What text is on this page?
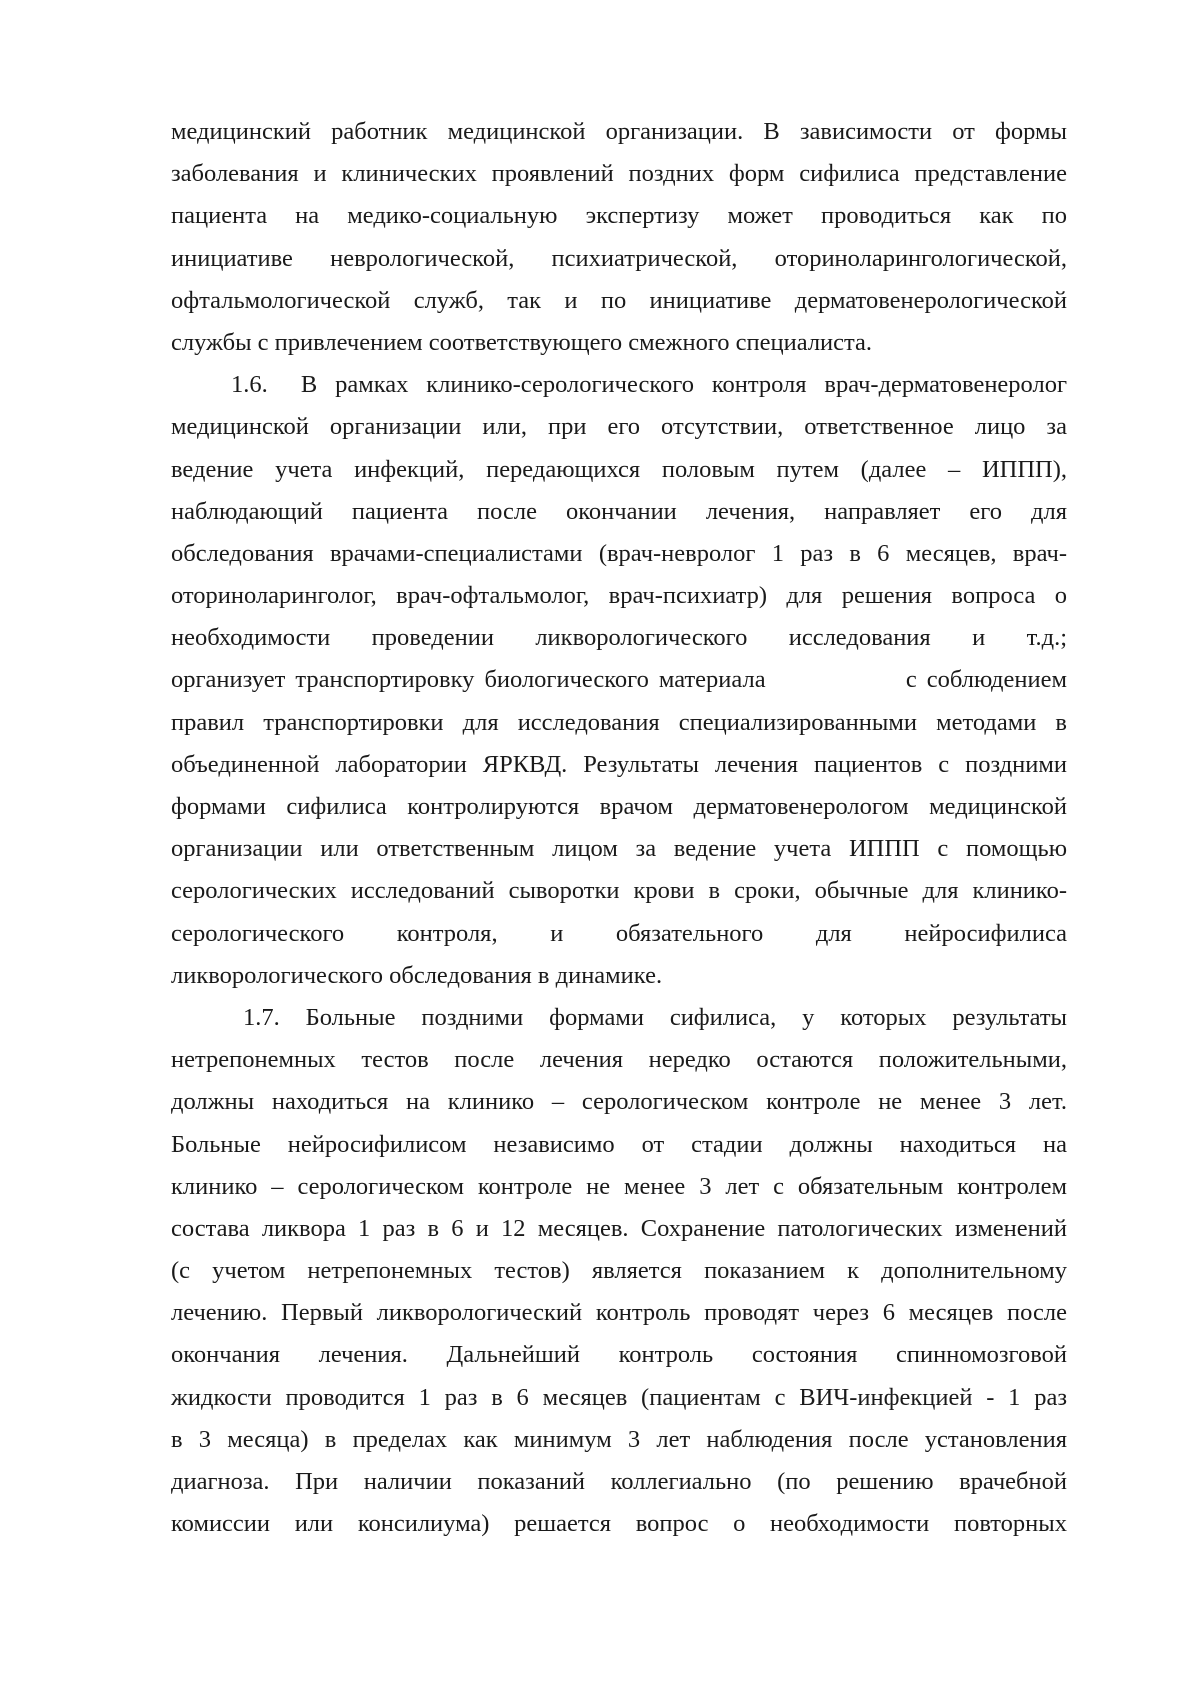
медицинский работник медицинской организации. В зависимости от формы
заболевания и клинических проявлений поздних форм сифилиса представление
пациента на медико-социальную экспертизу может проводиться как по
инициативе неврологической, психиатрической, оториноларингологической,
офтальмологической служб, так и по инициативе дерматовенерологической
службы с привлечением соответствующего смежного специалиста.
1.6. В рамках клинико-серологического контроля врач-дерматовенеролог
медицинской организации или, при его отсутствии, ответственное лицо за
ведение учета инфекций, передающихся половым путем (далее – ИППП),
наблюдающий пациента после окончании лечения, направляет его для
обследования врачами-специалистами (врач-невролог 1 раз в 6 месяцев, врач-
оториноларинголог, врач-офтальмолог, врач-психиатр) для решения вопроса о
необходимости проведении ликворологического исследования и т.д.;
организует транспортировку биологического материала              с соблюдением
правил транспортировки для исследования специализированными методами в
объединенной лаборатории ЯРКВД. Результаты лечения пациентов с поздними
формами сифилиса контролируются врачом дерматовенерологом медицинской
организации или ответственным лицом за ведение учета ИППП с помощью
серологических исследований сыворотки крови в сроки, обычные для клинико-
серологического контроля, и обязательного для нейросифилиса
ликворологического обследования в динамике.
1.7. Больные поздними формами сифилиса, у которых результаты
нетрепонемных тестов после лечения нередко остаются положительными,
должны находиться на клинико – серологическом контроле не менее 3 лет.
Больные нейросифилисом независимо от стадии должны находиться на
клинико – серологическом контроле не менее 3 лет с обязательным контролем
состава ликвора 1 раз в 6 и 12 месяцев. Сохранение патологических изменений
(с учетом нетрепонемных тестов) является показанием к дополнительному
лечению. Первый ликворологический контроль проводят через 6 месяцев после
окончания лечения. Дальнейший контроль состояния спинномозговой
жидкости проводится 1 раз в 6 месяцев (пациентам с ВИЧ-инфекцией - 1 раз
в 3 месяца) в пределах как минимум 3 лет наблюдения после установления
диагноза. При наличии показаний коллегиально (по решению врачебной
комиссии или консилиума) решается вопрос о необходимости повторных
